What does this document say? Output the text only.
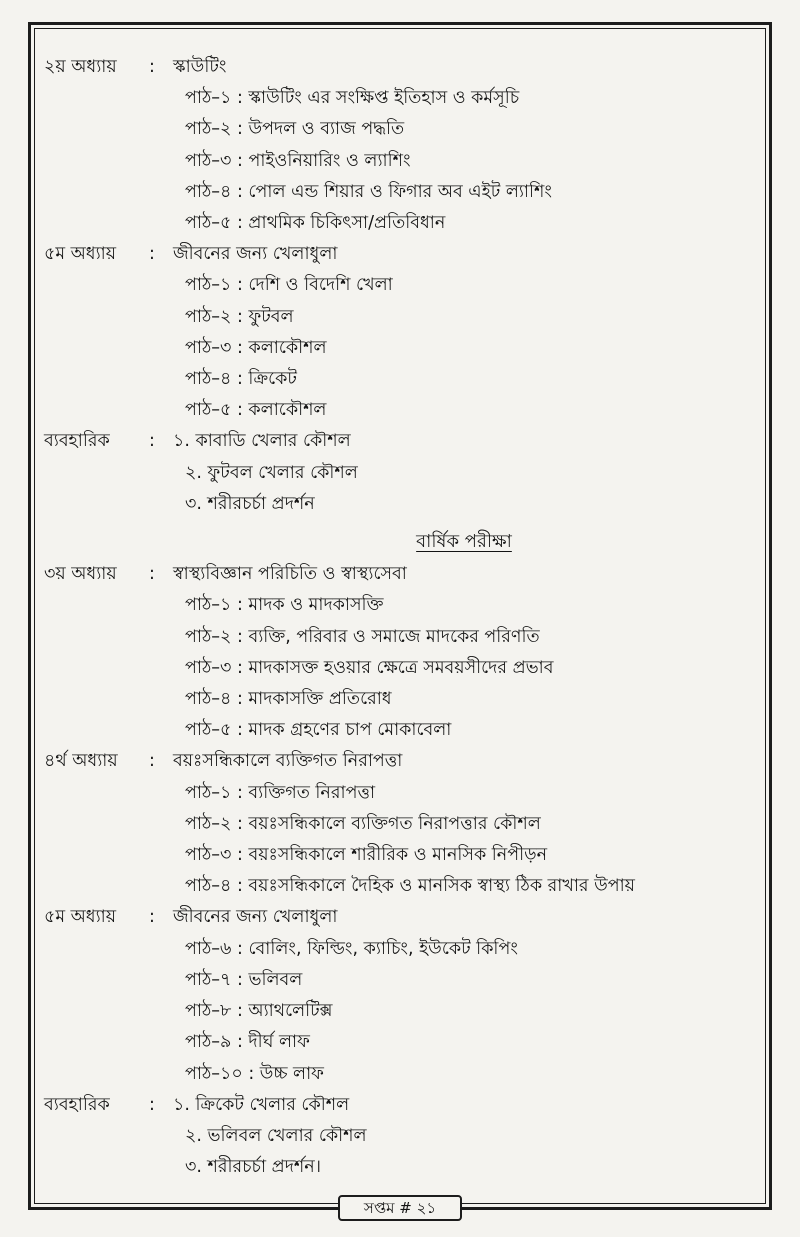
২য় অধ্যায়	:	স্কাউটিং
পাঠ–১ : স্কাউটিং এর সংক্ষিপ্ত ইতিহাস ও কর্মসূচি
পাঠ–২ : উপদল ও ব্যাজ পদ্ধতি
পাঠ–৩ : পাইওনিয়ারিং ও ল্যাশিং
পাঠ–৪ : পোল এন্ড শিয়ার ও ফিগার অব এইট ল্যাশিং
পাঠ–৫ : প্রাথমিক চিকিৎসা/প্রতিবিধান
৫ম অধ্যায়	:	জীবনের জন্য খেলাধুলা
পাঠ–১ : দেশি ও বিদেশি খেলা
পাঠ–২ : ফুটবল
পাঠ–৩ : কলাকৌশল
পাঠ–৪ : ক্রিকেট
পাঠ–৫ : কলাকৌশল
ব্যবহারিক	:	১. কাবাডি খেলার কৌশল
২. ফুটবল খেলার কৌশল
৩. শরীরচর্চা প্রদর্শন
বার্ষিক পরীক্ষা
৩য় অধ্যায়	:	স্বাস্থ্যবিজ্ঞান পরিচিতি ও স্বাস্থ্যসেবা
পাঠ–১ : মাদক ও মাদকাসক্তি
পাঠ–২ : ব্যক্তি, পরিবার ও সমাজে মাদকের পরিণতি
পাঠ–৩ : মাদকাসক্ত হওয়ার ক্ষেত্রে সমবয়সীদের প্রভাব
পাঠ–৪ : মাদকাসক্তি প্রতিরোধ
পাঠ–৫ : মাদক গ্রহণের চাপ মোকাবেলা
৪র্থ অধ্যায়	:	বয়ঃসন্ধিকালে ব্যক্তিগত নিরাপত্তা
পাঠ–১ : ব্যক্তিগত নিরাপত্তা
পাঠ–২ : বয়ঃসন্ধিকালে ব্যক্তিগত নিরাপত্তার কৌশল
পাঠ–৩ : বয়ঃসন্ধিকালে শারীরিক ও মানসিক নিপীড়ন
পাঠ–৪ : বয়ঃসন্ধিকালে দৈহিক ও মানসিক স্বাস্থ্য ঠিক রাখার উপায়
৫ম অধ্যায়	:	জীবনের জন্য খেলাধুলা
পাঠ–৬ : বোলিং, ফিল্ডিং, ক্যাচিং, ইউকেট কিপিং
পাঠ–৭ : ভলিবল
পাঠ–৮ : অ্যাথলেটিক্স
পাঠ–৯ : দীর্ঘ লাফ
পাঠ–১০ : উচ্চ লাফ
ব্যবহারিক	:	১. ক্রিকেট খেলার কৌশল
২. ভলিবল খেলার কৌশল
৩. শরীরচর্চা প্রদর্শন।
সপ্তম # ২১
